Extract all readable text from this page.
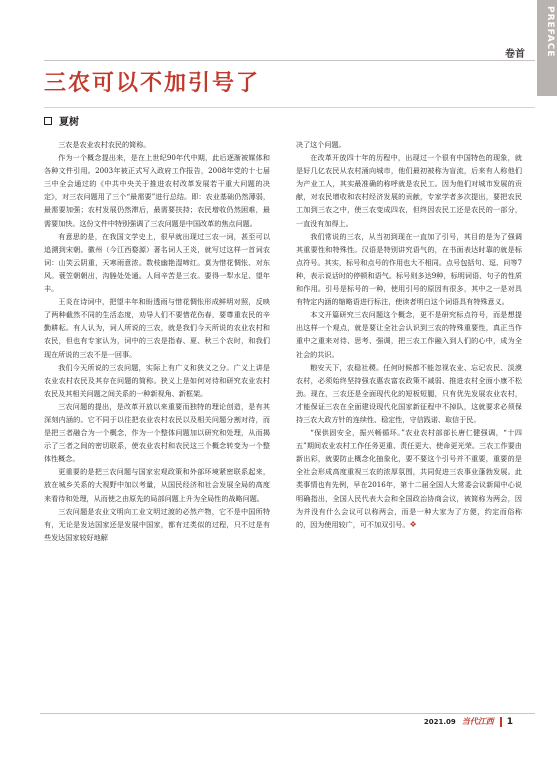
PREFACE
卷首
三农可以不加引号了
夏树

三农是农业农村农民的简称。

作为一个概念提出来，是在上世纪90年代中期，此后逐渐被媒体和各种文件引用。2003年被正式写入政府工作报告，2008年党的十七届三中全会通过的《中共中央关于推进农村改革发展若干重大问题的决定》，对三农问题用了三个“最需要”进行总结。即：农业基础仍然薄弱，最需要加强；农村发展仍然滞后，最需要扶持；农民增收仍然困难，最需要加快。这份文件中特别强调了三农问题是中国改革的焦点问题。

有意思的是，在我国文学史上，很早就出现过三农一词，甚至可以追溯到宋朝。徽州（今江西婺源）著名词人王炎，就写过这样一首词农词：山笑云阴重，天寒雨意浓。数枝幽艳湿啼红。莫为惜花惆怅、对东风。蓑笠朝朝出，沟塍处处通。人间辛苦是三农。要得一犁水足、望年丰。

王炎在诗词中，把望丰年和盼透雨与惜花惆怅形成鲜明对照，反映了两种截然不同的生活态度，劝导人们不要惜花伤春，要尊重农民的辛勤耕耘。有人认为，词人所说的三农，就是我们今天所说的农业农村和农民，但也有专家认为，词中的三农是指春、夏、秋三个农时，和我们现在所说的三农不是一回事。

我们今天所说的三农问题，实际上有广义和狭义之分。广义上讲是农业农村农民及其存在问题的简称。狭义上是如何对待和研究农业农村农民及其相关问题之间关系的一种新视角、新框架。

三农问题的提出，是改革开放以来重要而独特的理论创造，是有其深刻内涵的。它不同于以往把农业农村农民以及相关问题分割对待，而是把三者融合为一个概念，作为一个整体问题加以研究和处理，从而揭示了三者之间的密切联系，使农业农村和农民这三个概念转变为一个整体性概念。

更重要的是把三农问题与国家宏观政策和外部环境紧密联系起来，放在城乡关系的大视野中加以考量，从国民经济和社会发展全局的高度来看待和处理，从而使之由原先的局部问题上升为全局性的战略问题。

三农问题是农业文明向工业文明过渡的必然产物，它不是中国所特有，无论是发达国家还是发展中国家，都有过类似的过程，只不过是有些发达国家较好地解

决了这个问题。

在改革开放四十年的历程中，出现过一个很有中国特色的现象，就是好几亿农民从农村涌向城市，他们最初被称为盲流，后来有人称他们为产业工人，其实最准确的称呼就是农民工。因为他们对城市发展的贡献，对农民增收和农村经济发展的贡献，专家学者多次提出，要把农民工加到三农之中，使三农变成四农，但终因农民工还是农民的一部分，一直没有加得上。

我们常说的三农，从当初到现在一直加了引号，其目的是为了强调其重要性和特殊性。汉语是特别讲究语气的，在书面表达时靠的就是标点符号。其实，标号和点号的作用也大不相同。点号包括句、逗、问等7种，表示说话时的停顿和语气。标号则多达9种，标明词语、句子的性质和作用。引号是标号的一种，使用引号的原因有很多，其中之一是对具有特定内涵的缩略语进行标注，使读者明白这个词语具有特殊意义。

本文开篇研究三农问题这个概念，更不是研究标点符号，而是想提出这样一个观点，就是要让全社会认识到三农的特殊重要性，真正当作重中之重来对待、思考、强调，把三农工作融入到人们的心中，成为全社会的共识。

粮安天下，农稳社稷。任何时候都不能忽视农业、忘记农民、淡漠农村，必须始终坚持强农惠农富农政策不减弱、推进农村全面小康不松劲。现在，三农还是全面现代化的短板短腿，只有优先发展农业农村，才能保证三农在全面建设现代化国家新征程中不掉队，这就要求必须保持三农大政方针的连续性、稳定性，守信践诺、取信于民。

“保供固安全，振兴畅循环。”农业农村部部长唐仁健强调，“十四五”期间农业农村工作任务更重、责任更大、使命更光荣。三农工作要由新出彩，就要防止概念化抽象化，要不要这个引号并不重要，重要的是全社会形成高度重视三农的浓厚氛围，共同促进三农事业蓬勃发展。此类事情也有先例，早在2016年，第十二届全国人大常委会议新闻中心说明确指出，全国人民代表大会和全国政治协商会议，被简称为两会，因为并没有什么会议可以称两会，而是一种大家为了方便，约定而俗称的，因为使用较广，可不加双引号。❖

2021.09 当代江西 1
